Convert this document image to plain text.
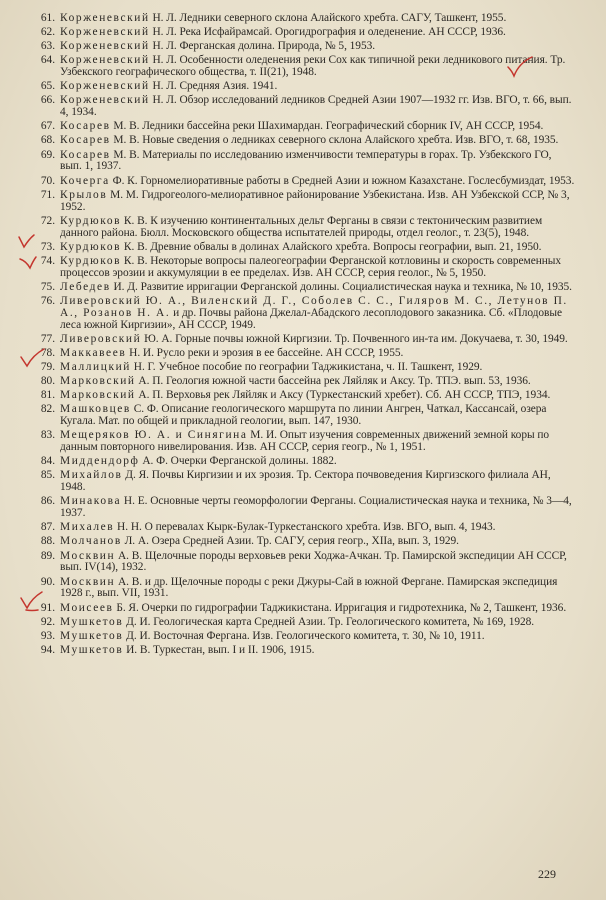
61. Корженевский Н. Л. Ледники северного склона Алайского хребта. САГУ, Ташкент, 1955.
62. Корженевский Н. Л. Река Исфайрамсай. Орогидрография и оледенение. АН СССР, 1936.
63. Корженевский Н. Л. Ферганская долина. Природа, № 5, 1953.
64. Корженевский Н. Л. Особенности оледенения реки Сох как типичной реки ледникового питания. Тр. Узбекского географического общества, т. II(21), 1948.
65. Корженевский Н. Л. Средняя Азия. 1941.
66. Корженевский Н. Л. Обзор исследований ледников Средней Азии 1907—1932 гг. Изв. ВГО, т. 66, вып. 4, 1934.
67. Косарев М. В. Ледники бассейна реки Шахимардан. Географический сборник IV, АН СССР, 1954.
68. Косарев М. В. Новые сведения о ледниках северного склона Алайского хребта. Изв. ВГО, т. 68, 1935.
69. Косарев М. В. Материалы по исследованию изменчивости температуры в горах. Тр. Узбекского ГО, вып. 1, 1937.
70. Кочерга Ф. К. Горномелиоративные работы в Средней Азии и южном Казахстане. Гослесбумиздат, 1953.
71. Крылов М. М. Гидрогеолого-мелиоративное районирование Узбекистана. Изв. АН Узбекской ССР, № 3, 1952.
72. Курдюков К. В. К изучению континентальных дельт Ферганы в связи с тектоническим развитием данного района. Бюлл. Московского общества испытателей природы, отдел геолог., т. 23(5), 1948.
73. Курдюков К. В. Древние обвалы в долинах Алайского хребта. Вопросы географии, вып. 21, 1950.
74. Курдюков К. В. Некоторые вопросы палеогеографии Ферганской котловины и скорость современных процессов эрозии и аккумуляции в ее пределах. Изв. АН СССР, серия геолог., № 5, 1950.
75. Лебедев И. Д. Развитие ирригации Ферганской долины. Социалистическая наука и техника, № 10, 1935.
76. Ливеровский Ю. А., Виленский Д. Г., Соболев С. С., Гиляров М. С., Летунов П. А., Розанов Н. А. и др. Почвы района Джелал-Абадского лесоплодового заказника. Сб. «Плодовые леса южной Киргизии», АН СССР, 1949.
77. Ливеровский Ю. А. Горные почвы южной Киргизии. Тр. Почвенного ин-та им. Докучаева, т. 30, 1949.
78. Маккавеев Н. И. Русло реки и эрозия в ее бассейне. АН СССР, 1955.
79. Маллицкий Н. Г. Учебное пособие по географии Таджикистана, ч. II. Ташкент, 1929.
80. Марковский А. П. Геология южной части бассейна рек Ляйляк и Аксу. Тр. ТПЭ. вып. 53, 1936.
81. Марковский А. П. Верховья рек Ляйляк и Аксу (Туркестанский хребет). Сб. АН СССР, ТПЭ, 1934.
82. Машковцев С. Ф. Описание геологического маршрута по линии Ангрен, Чаткал, Кассансай, озера Кугала. Мат. по общей и прикладной геологии, вып. 147, 1930.
83. Мещеряков Ю. А. и Синягина М. И. Опыт изучения современных движений земной коры по данным повторного нивелирования. Изв. АН СССР, серия геогр., № 1, 1951.
84. Миддендорф А. Ф. Очерки Ферганской долины. 1882.
85. Михайлов Д. Я. Почвы Киргизии и их эрозия. Тр. Сектора почвоведения Киргизского филиала АН, 1948.
86. Минакова Н. Е. Основные черты геоморфологии Ферганы. Социалистическая наука и техника, № 3—4, 1937.
87. Михалев Н. Н. О перевалах Кырк-Булак-Туркестанского хребта. Изв. ВГО, вып. 4, 1943.
88. Молчанов Л. А. Озера Средней Азии. Тр. САГУ, серия геогр., ХIIа, вып. 3, 1929.
89. Москвин А. В. Щелочные породы верховьев реки Ходжа-Ачкан. Тр. Памирской экспедиции АН СССР, вып. IV(14), 1932.
90. Москвин А. В. и др. Щелочные породы с реки Джуры-Сай в южной Фергане. Памирская экспедиция 1928 г., вып. VII, 1931.
91. Моисеев Б. Я. Очерки по гидрографии Таджикистана. Ирригация и гидротехника, № 2, Ташкент, 1936.
92. Мушкетов Д. И. Геологическая карта Средней Азии. Тр. Геологического комитета, № 169, 1928.
93. Мушкетов Д. И. Восточная Фергана. Изв. Геологического комитета, т. 30, № 10, 1911.
94. Мушкетов И. В. Туркестан, вып. I и II. 1906, 1915.
229
